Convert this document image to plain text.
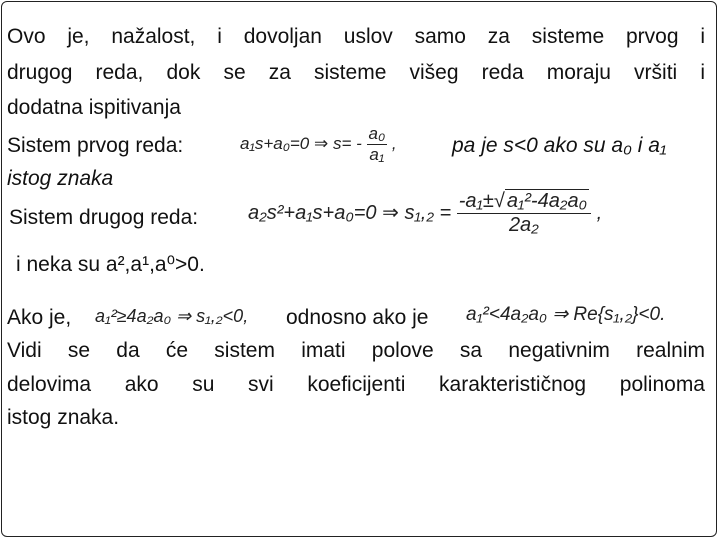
Ovo je, nažalost, i dovoljan uslov samo za sisteme prvog i
drugog reda, dok se za sisteme višeg reda moraju vršiti i
dodatna ispitivanja
Sistem prvog reda:	a₁s+a₀=0 ⇒ $s= - \frac{\text{a₀}}{\text{a₁}}$ ,	pa je s<0 ako su a₀ i a₁
istog znaka
Sistem drugog reda: a₂s²+a₁s+a₀=0 ⇒ $s_1,_2 = \frac{\text{-a₁±√ a₁²-4a₂a₀}}{\text{2a₂}}$ ,
i neka su a²,a¹,a⁰>0.
Ako je, a₁²≥4a₂a₀ ⇒ s₁,₂<0, odnosno ako je a₁²<4a₂a₀ ⇒ Re{s₁,₂}<0.
Vidi se da će sistem imati polove sa negativnim realnim
delovima ako su svi koeficijenti karakterističnog polinoma
istog znaka.
